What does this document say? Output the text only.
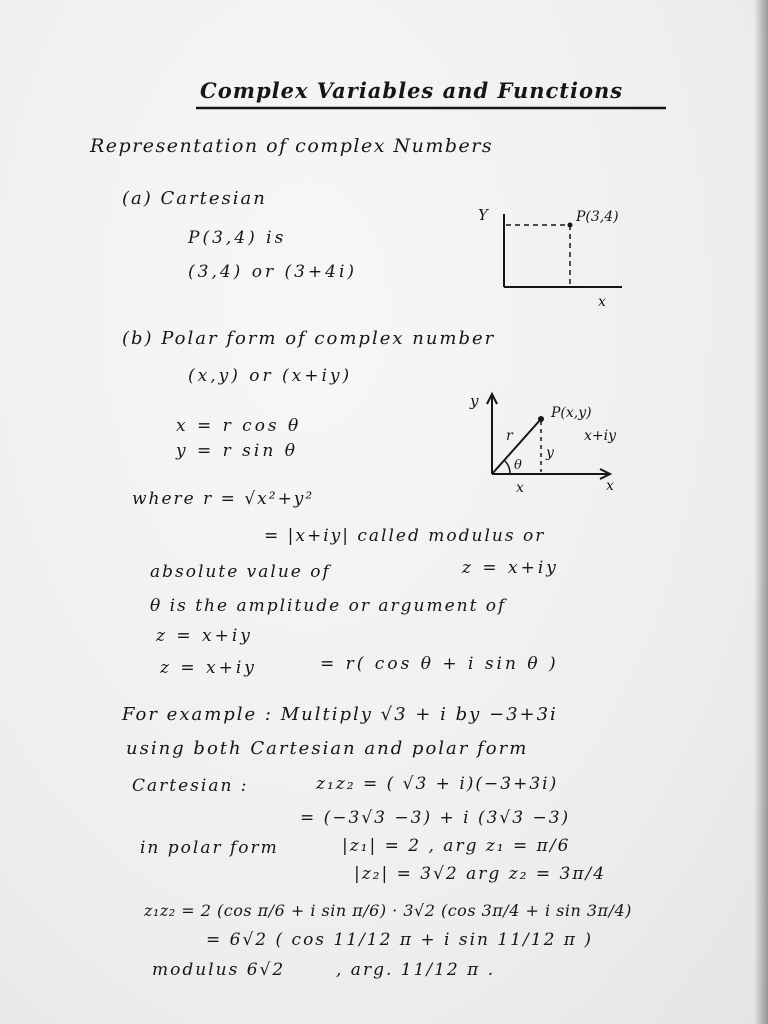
Complex Variables and Functions
Representation of complex Numbers
(a) Cartesian
P(3,4) is
(3,4) or (3+4i)
Y
x
P(3,4)
(b) Polar form of complex number
(x,y) or (x+iy)
x = r cos θ
y = r sin θ
y
x
P(x,y)
x+iy
r
θ
y
x
where r = √x²+y²
= |x+iy| called modulus or
absolute value of	z = x+iy
θ is the amplitude or argument of
z = x+iy
z = x+iy	= r( cos θ + i sin θ )
For example : Multiply √3 + i by −3+3i
using both Cartesian and polar form
Cartesian :	z₁z₂ = ( √3 + i)(−3+3i)
= (−3√3 −3) + i (3√3 −3)
in polar form	|z₁| = 2 , arg z₁ = π/6
|z₂| = 3√2 arg z₂ = 3π/4
z₁z₂ = 2 (cos π/6 + i sin π/6) · 3√2 (cos 3π/4 + i sin 3π/4)
= 6√2 ( cos 11/12 π + i sin 11/12 π )
modulus 6√2	, arg. 11/12 π .
